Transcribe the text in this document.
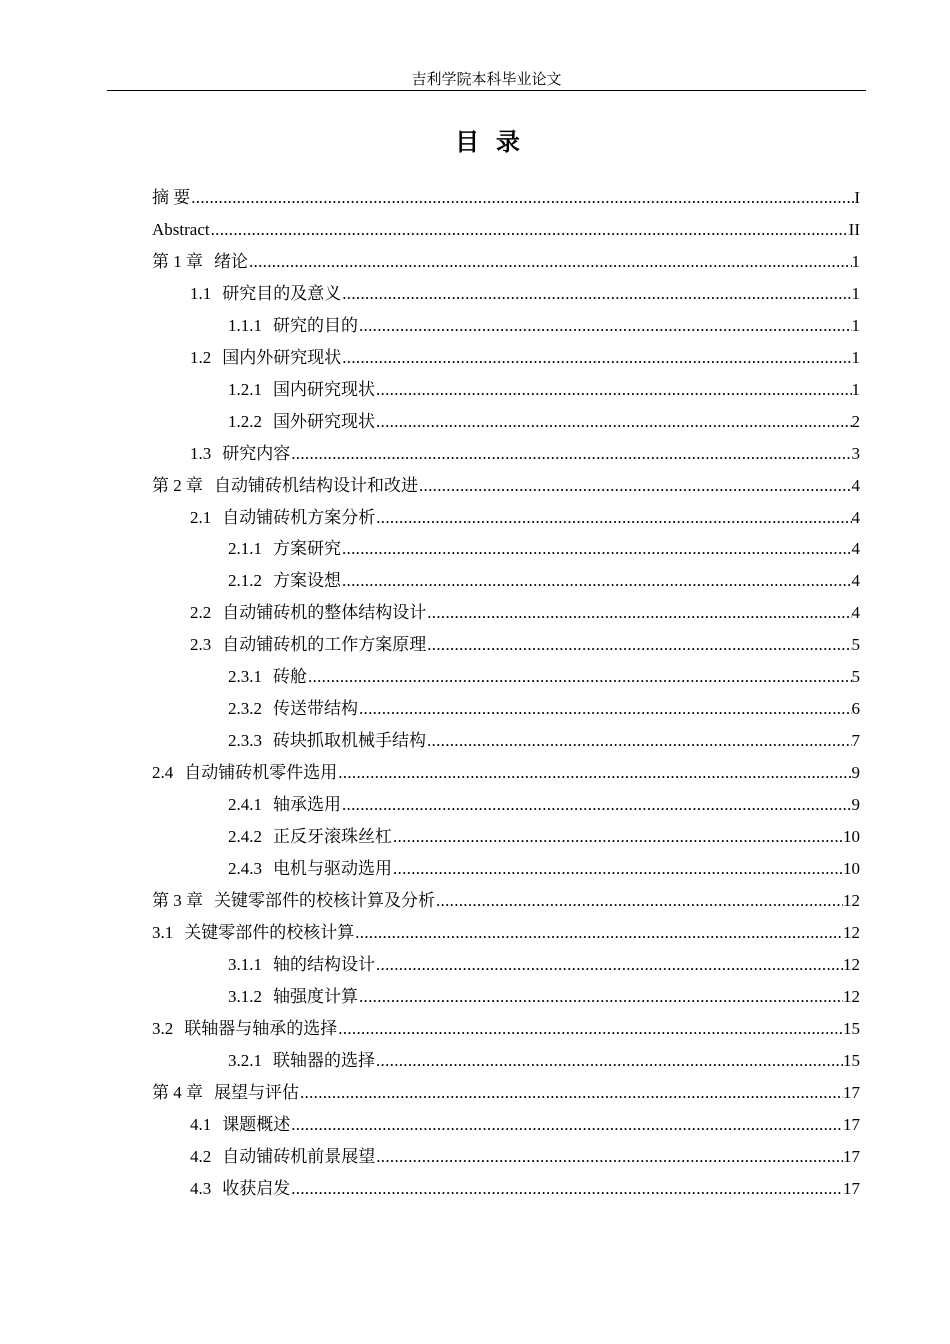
吉利学院本科毕业论文
目  录
摘 要 .....	I
Abstract .....	II
第 1 章 绪论 .....	1
1.1 研究目的及意义 .....	1
1.1.1 研究的目的 .....	1
1.2 国内外研究现状 .....	1
1.2.1 国内研究现状 .....	1
1.2.2 国外研究现状 .....	2
1.3 研究内容 .....	3
第 2 章 自动铺砖机结构设计和改进 .....	4
2.1 自动铺砖机方案分析 .....	4
2.1.1 方案研究 .....	4
2.1.2 方案设想 .....	4
2.2 自动铺砖机的整体结构设计 .....	4
2.3 自动铺砖机的工作方案原理 .....	5
2.3.1 砖舱 .....	5
2.3.2 传送带结构 .....	6
2.3.3 砖块抓取机械手结构 .....	7
2.4 自动铺砖机零件选用 .....	9
2.4.1 轴承选用 .....	9
2.4.2 正反牙滚珠丝杠 .....	10
2.4.3 电机与驱动选用 .....	10
第 3 章 关键零部件的校核计算及分析 .....	12
3.1 关键零部件的校核计算 .....	12
3.1.1 轴的结构设计 .....	12
3.1.2 轴强度计算 .....	12
3.2 联轴器与轴承的选择 .....	15
3.2.1 联轴器的选择 .....	15
第 4 章 展望与评估 .....	17
4.1 课题概述 .....	17
4.2 自动铺砖机前景展望 .....	17
4.3 收获启发 .....	17
